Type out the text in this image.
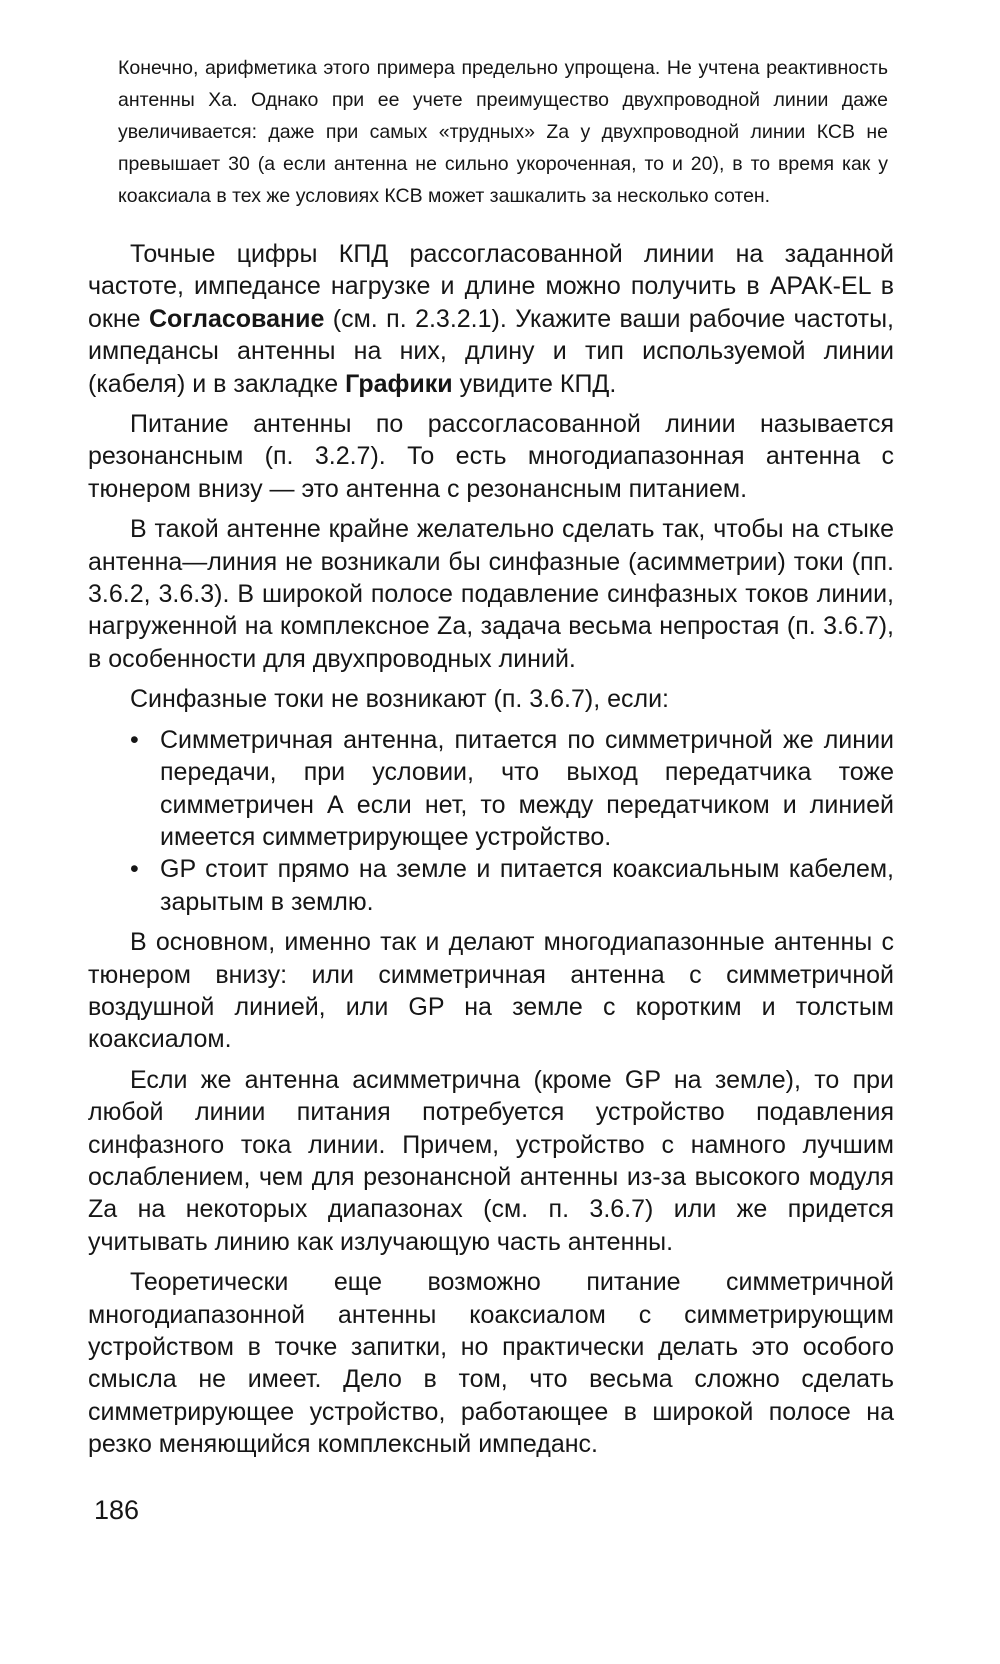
Конечно, арифметика этого примера предельно упрощена. Не учтена реактивность антенны Ха. Однако при ее учете преимущество двухпроводной линии даже увеличивается: даже при самых «трудных» Za у двухпроводной линии КСВ не превышает 30 (а если антенна не сильно укороченная, то и 20), в то время как у коаксиала в тех же условиях КСВ может зашкалить за несколько сотен.

Точные цифры КПД рассогласованной линии на заданной частоте, импедансе нагрузке и длине можно получить в АРАК-EL в окне Согласование (см. п. 2.3.2.1). Укажите ваши рабочие частоты, импедансы антенны на них, длину и тип используемой линии (кабеля) и в закладке Графики увидите КПД.

Питание антенны по рассогласованной линии называется резонансным (п. 3.2.7). То есть многодиапазонная антенна с тюнером внизу — это антенна с резонансным питанием.

В такой антенне крайне желательно сделать так, чтобы на стыке антенна—линия не возникали бы синфазные (асимметрии) токи (пп. 3.6.2, 3.6.3). В широкой полосе подавление синфазных токов линии, нагруженной на комплексное Za, задача весьма непростая (п. 3.6.7), в особенности для двухпроводных линий.

Синфазные токи не возникают (п. 3.6.7), если:

• Симметричная антенна, питается по симметричной же линии передачи, при условии, что выход передатчика тоже симметричен А если нет, то между передатчиком и линией имеется симметрирующее устройство.
• GP стоит прямо на земле и питается коаксиальным кабелем, зарытым в землю.

В основном, именно так и делают многодиапазонные антенны с тюнером внизу: или симметричная антенна с симметричной воздушной линией, или GP на земле с коротким и толстым коаксиалом.

Если же антенна асимметрична (кроме GP на земле), то при любой линии питания потребуется устройство подавления синфазного тока линии. Причем, устройство с намного лучшим ослаблением, чем для резонансной антенны из-за высокого модуля Za на некоторых диапазонах (см. п. 3.6.7) или же придется учитывать линию как излучающую часть антенны.

Теоретически еще возможно питание симметричной многодиапазонной антенны коаксиалом с симметрирующим устройством в точке запитки, но практически делать это особого смысла не имеет. Дело в том, что весьма сложно сделать симметрирующее устройство, работающее в широкой полосе на резко меняющийся комплексный импеданс.

186
